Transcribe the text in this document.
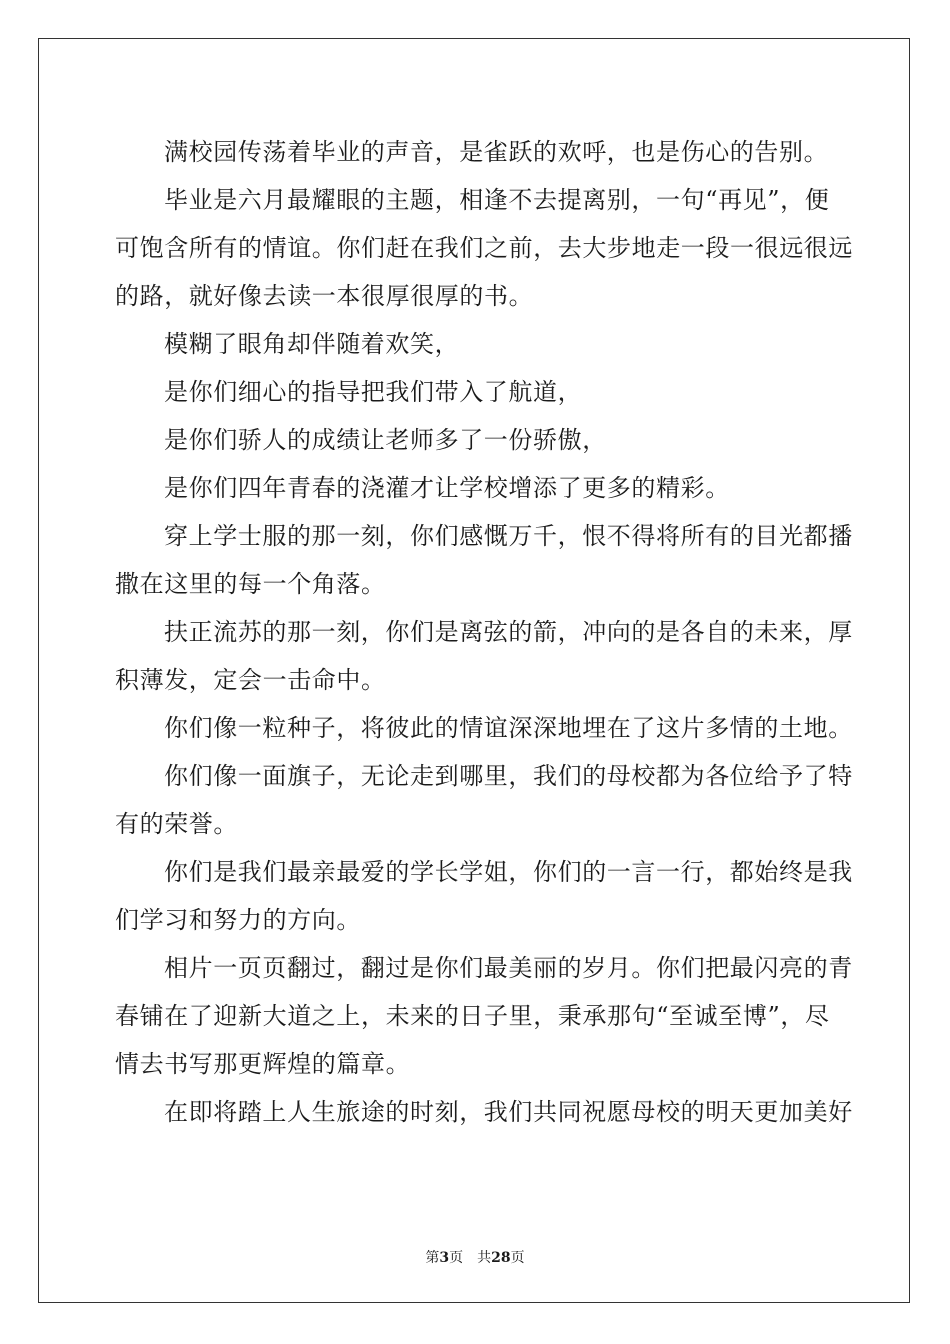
满校园传荡着毕业的声音，是雀跃的欢呼，也是伤心的告别。
毕业是六月最耀眼的主题，相逢不去提离别，一句“再见”，便
可饱含所有的情谊。你们赶在我们之前，去大步地走一段一很远很远
的路，就好像去读一本很厚很厚的书。
模糊了眼角却伴随着欢笑，
是你们细心的指导把我们带入了航道，
是你们骄人的成绩让老师多了一份骄傲，
是你们四年青春的浇灌才让学校增添了更多的精彩。
穿上学士服的那一刻，你们感慨万千，恨不得将所有的目光都播
撒在这里的每一个角落。
扶正流苏的那一刻，你们是离弦的箭，冲向的是各自的未来，厚
积薄发，定会一击命中。
你们像一粒种子，将彼此的情谊深深地埋在了这片多情的土地。
你们像一面旗子，无论走到哪里，我们的母校都为各位给予了特
有的荣誉。
你们是我们最亲最爱的学长学姐，你们的一言一行，都始终是我
们学习和努力的方向。
相片一页页翻过，翻过是你们最美丽的岁月。你们把最闪亮的青
春铺在了迎新大道之上，未来的日子里，秉承那句“至诚至博”，尽
情去书写那更辉煌的篇章。
在即将踏上人生旅途的时刻，我们共同祝愿母校的明天更加美好
第3页 共28页
